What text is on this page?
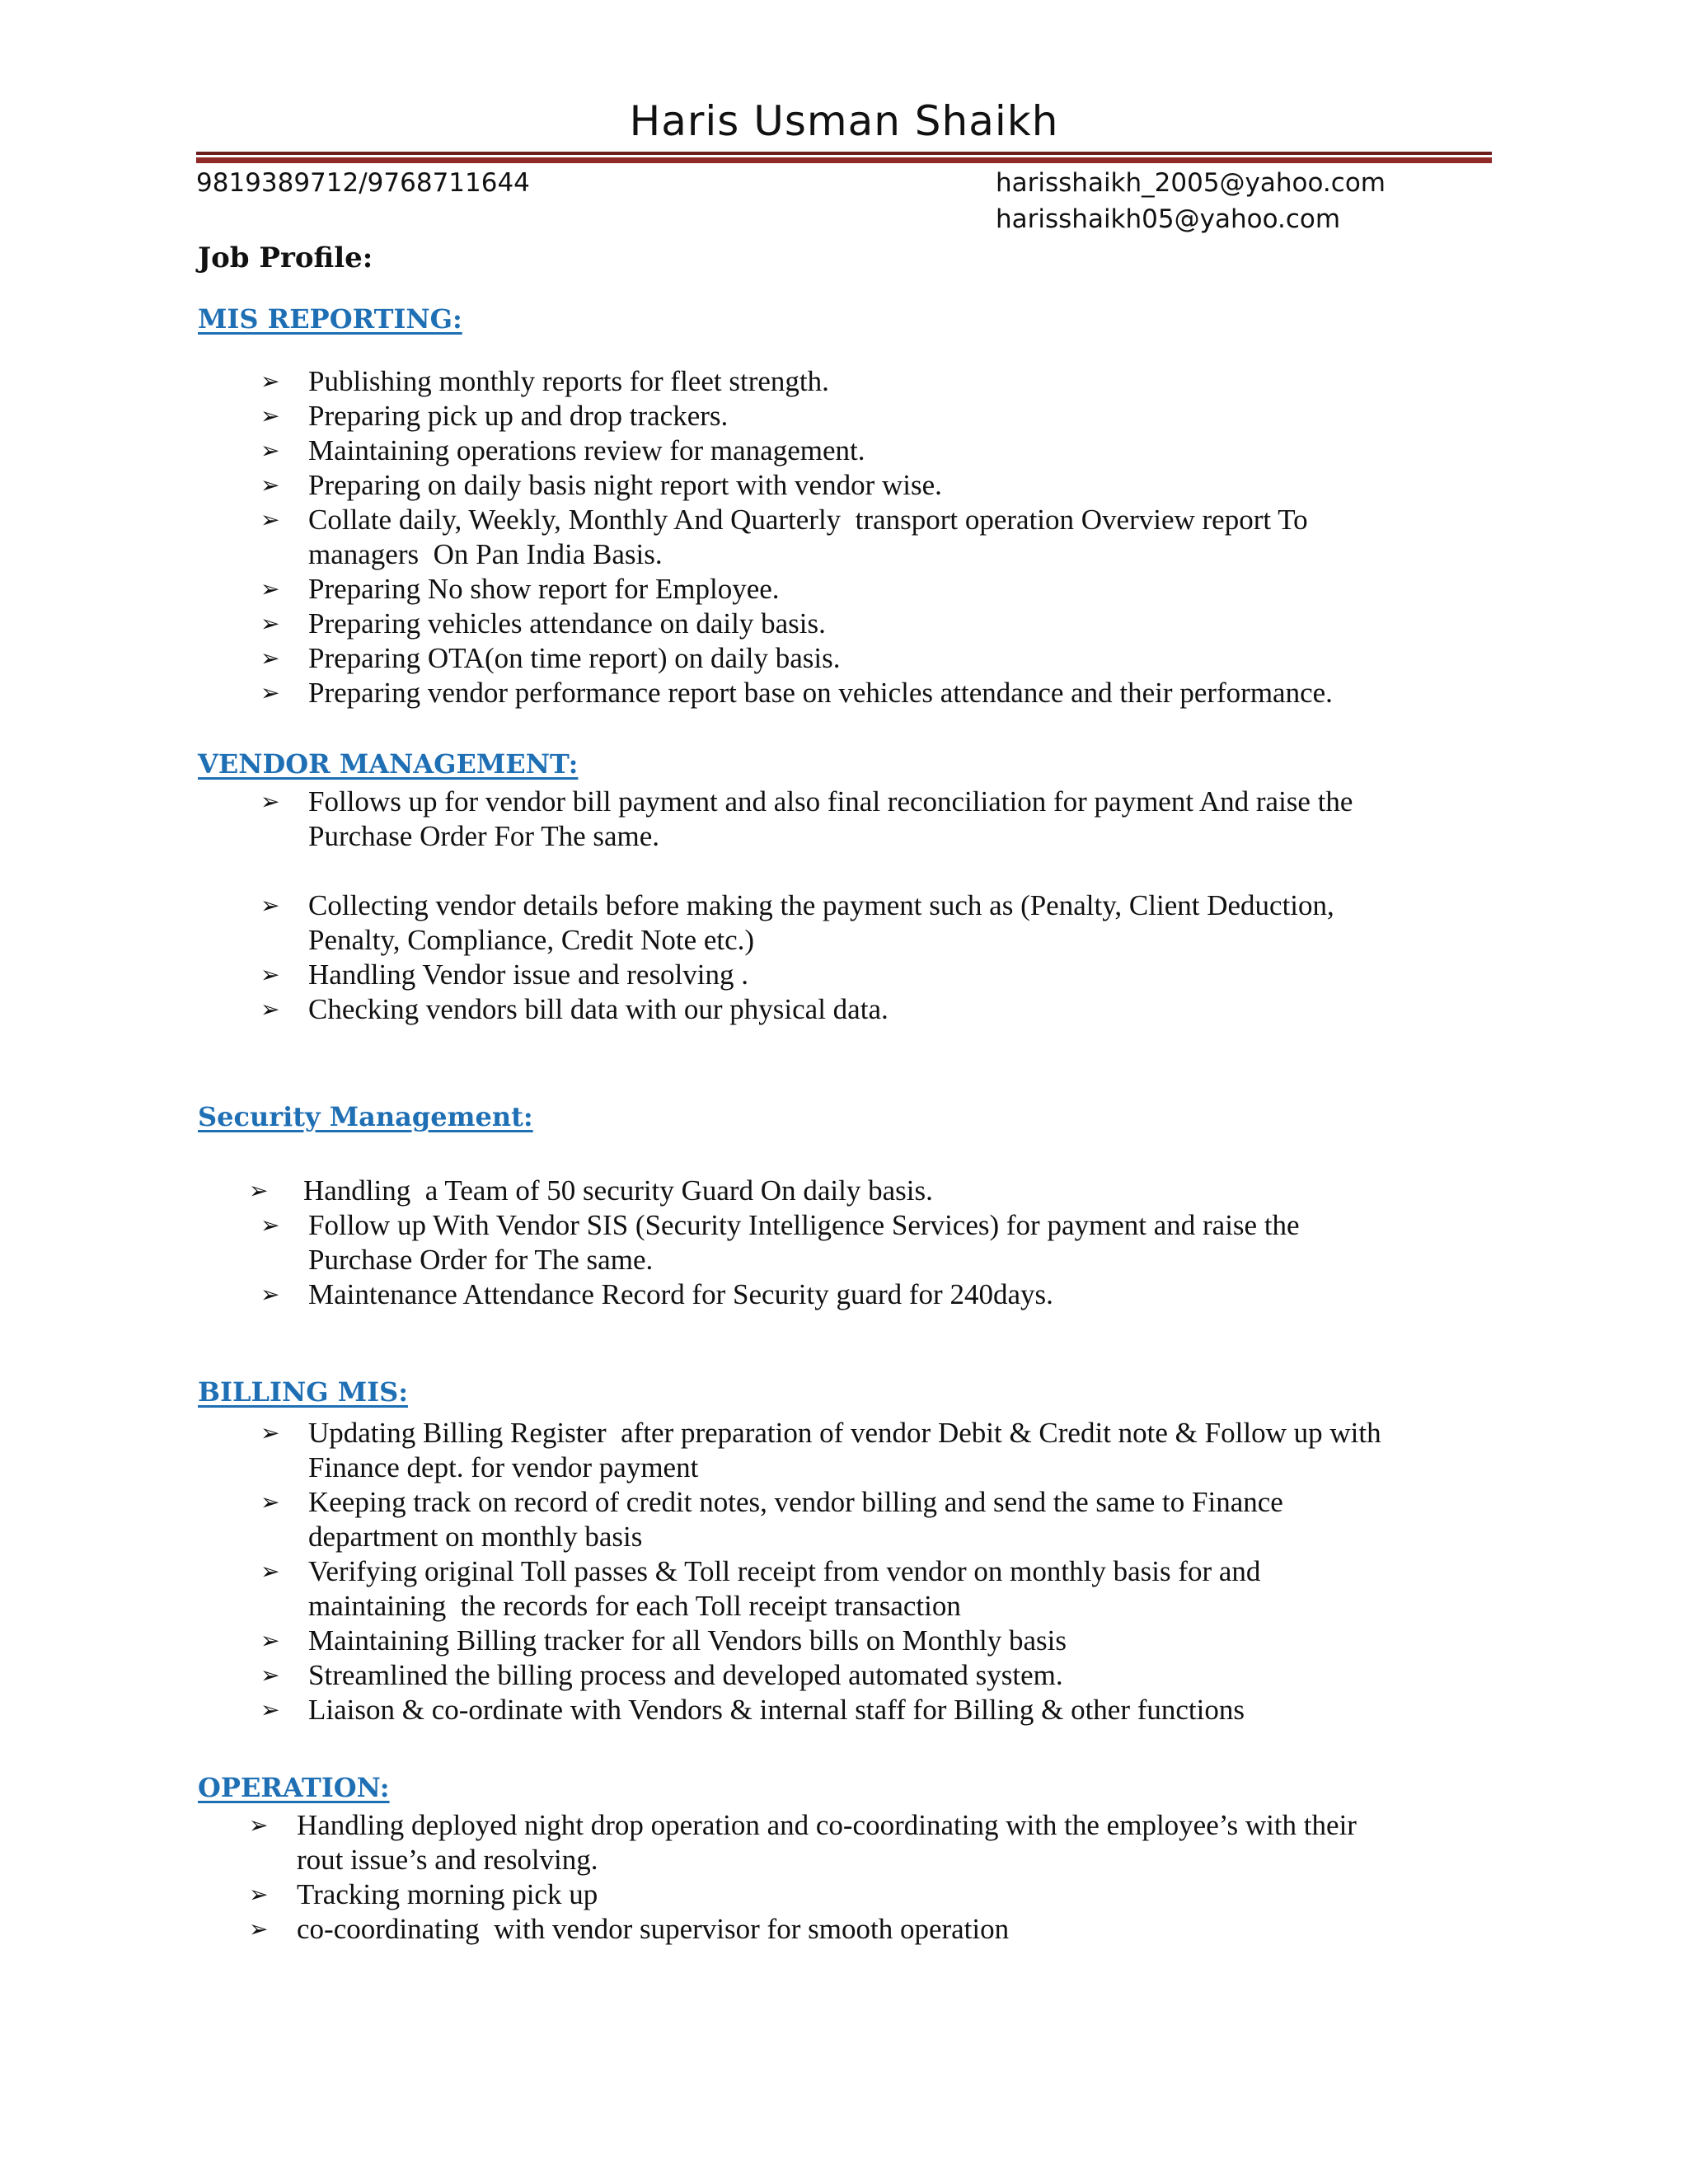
Haris Usman Shaikh
9819389712/9768711644	harisshaikh_2005@yahoo.com
harisshaikh05@yahoo.com
Job Profile:
MIS REPORTING:
➢ Publishing monthly reports for fleet strength.
➢ Preparing pick up and drop trackers.
➢ Maintaining operations review for management.
➢ Preparing on daily basis night report with vendor wise.
➢ Collate daily, Weekly, Monthly And Quarterly  transport operation Overview report To managers  On Pan India Basis.
➢ Preparing No show report for Employee.
➢ Preparing vehicles attendance on daily basis.
➢ Preparing OTA(on time report) on daily basis.
➢ Preparing vendor performance report base on vehicles attendance and their performance.
VENDOR MANAGEMENT:
➢ Follows up for vendor bill payment and also final reconciliation for payment And raise the Purchase Order For The same.
➢ Collecting vendor details before making the payment such as (Penalty, Client Deduction, Penalty, Compliance, Credit Note etc.)
➢ Handling Vendor issue and resolving .
➢ Checking vendors bill data with our physical data.
Security Management:
➢ Handling  a Team of 50 security Guard On daily basis.
➢ Follow up With Vendor SIS (Security Intelligence Services) for payment and raise the Purchase Order for The same.
➢ Maintenance Attendance Record for Security guard for 240days.
BILLING MIS:
➢ Updating Billing Register  after preparation of vendor Debit & Credit note & Follow up with Finance dept. for vendor payment
➢ Keeping track on record of credit notes, vendor billing and send the same to Finance department on monthly basis
➢ Verifying original Toll passes & Toll receipt from vendor on monthly basis for and maintaining  the records for each Toll receipt transaction
➢ Maintaining Billing tracker for all Vendors bills on Monthly basis
➢ Streamlined the billing process and developed automated system.
➢ Liaison & co-ordinate with Vendors & internal staff for Billing & other functions
OPERATION:
➢ Handling deployed night drop operation and co-coordinating with the employee’s with their rout issue’s and resolving.
➢ Tracking morning pick up
➢ co-coordinating  with vendor supervisor for smooth operation
